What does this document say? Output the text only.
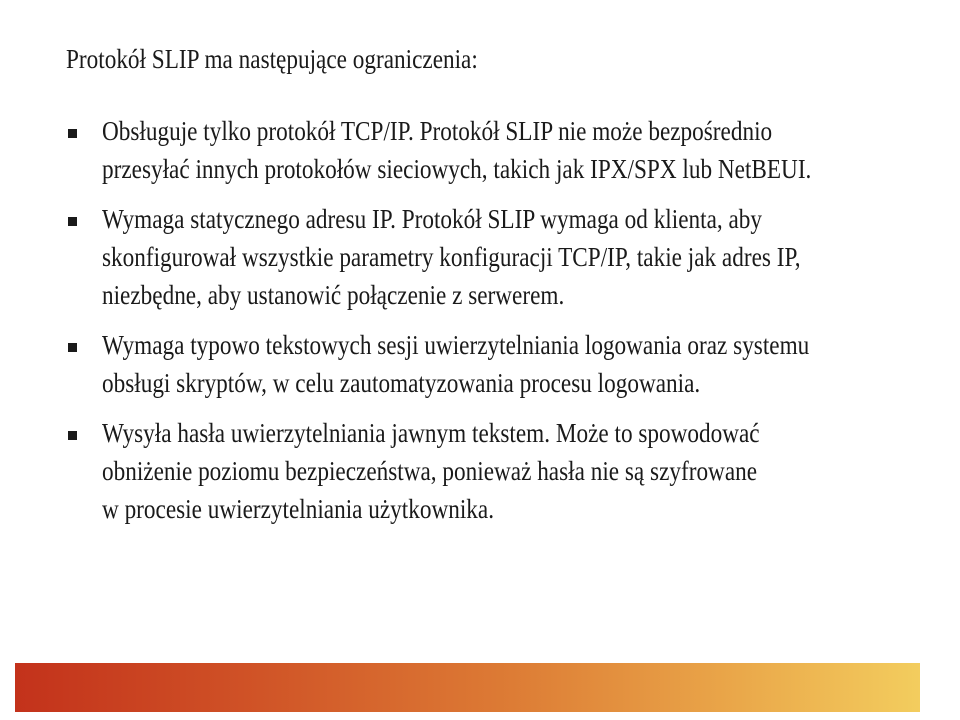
Protokół SLIP ma następujące ograniczenia:
Obsługuje tylko protokół TCP/IP. Protokół SLIP nie może bezpośrednio
przesyłać innych protokołów sieciowych, takich jak IPX/SPX lub NetBEUI.
Wymaga statycznego adresu IP. Protokół SLIP wymaga od klienta, aby
skonfigurował wszystkie parametry konfiguracji TCP/IP, takie jak adres IP,
niezbędne, aby ustanowić połączenie z serwerem.
Wymaga typowo tekstowych sesji uwierzytelniania logowania oraz systemu
obsługi skryptów, w celu zautomatyzowania procesu logowania.
Wysyła hasła uwierzytelniania jawnym tekstem. Może to spowodować
obniżenie poziomu bezpieczeństwa, ponieważ hasła nie są szyfrowane
w procesie uwierzytelniania użytkownika.
